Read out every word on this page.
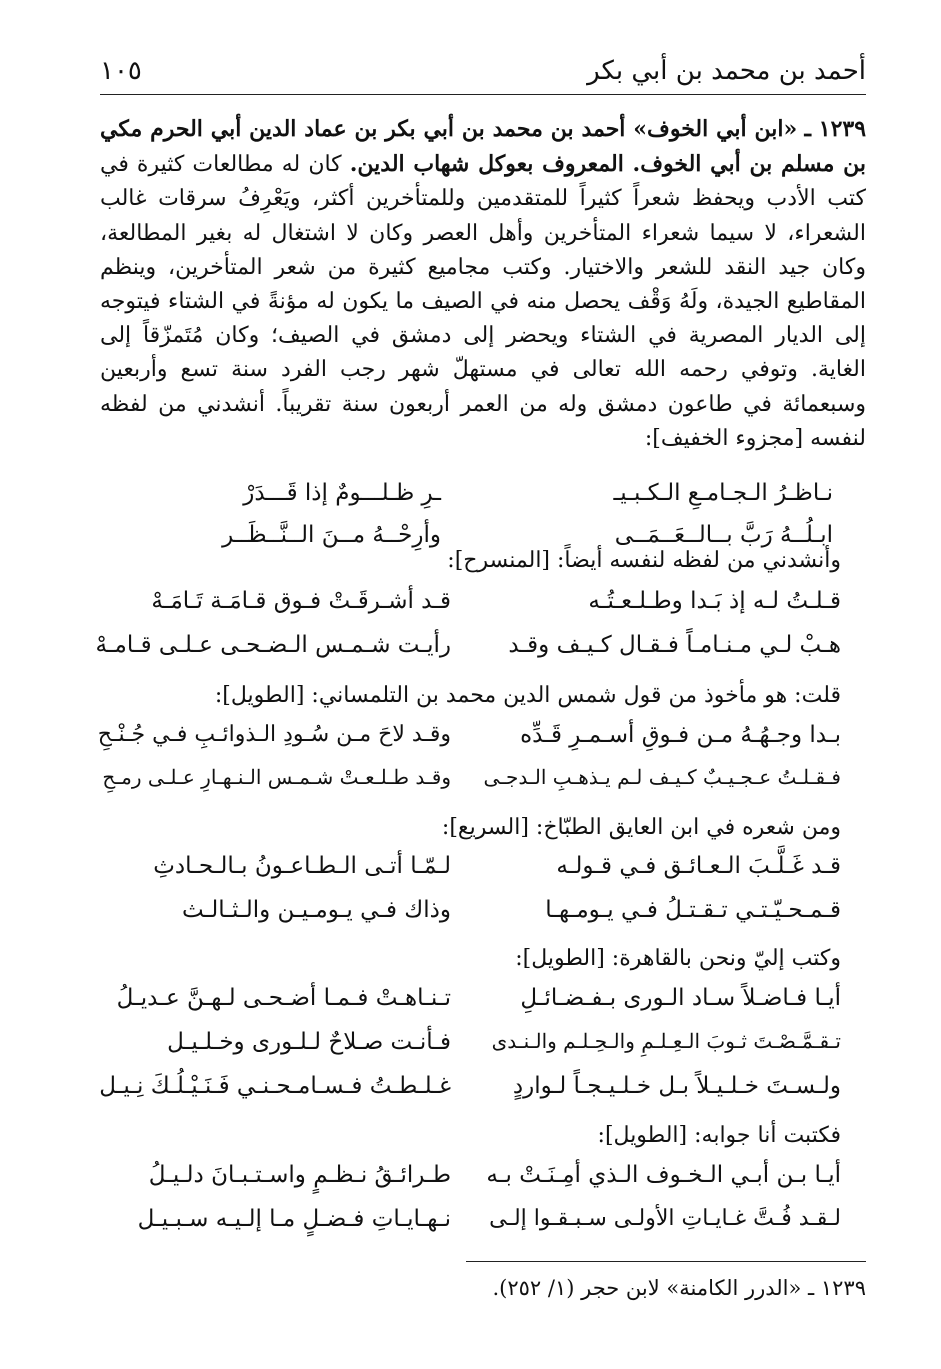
أحمد بن محمد بن أبي بكر
١٠٥
١٢٣٩ ـ «ابن أبي الخوف» أحمد بن محمد بن أبي بكر بن عماد الدين أبي الحرم مكي بن مسلم بن أبي الخوف. المعروف بعوكل شهاب الدين. كان له مطالعات كثيرة في كتب الأدب ويحفظ شعراً كثيراً للمتقدمين وللمتأخرين أكثر، ويَعْرِفُ سرقات غالب الشعراء، لا سيما شعراء المتأخرين وأهل العصر وكان لا اشتغال له بغير المطالعة، وكان جيد النقد للشعر والاختيار. وكتب مجاميع كثيرة من شعر المتأخرين، وينظم المقاطيع الجيدة، ولَهُ وَقْف يحصل منه في الصيف ما يكون له مؤنةً في الشتاء فيتوجه إلى الديار المصرية في الشتاء ويحضر إلى دمشق في الصيف؛ وكان مُتَمزّقاً إلى الغاية. وتوفي رحمه الله تعالى في مستهلّ شهر رجب الفرد سنة تسع وأربعين وسبعمائة في طاعون دمشق وله من العمر أربعون سنة تقريباً. أنشدني من لفظه لنفسه [مجزوء الخفيف]:
نـاظـرُ الـجـامـعِ الـكـبـيـ
ـرِ ظـلـــومٌ إذا قَـــدَرْ
ابـلُــهُ رَبَّ بــالــعَــمَــى
وأرِحْــهُ مــنَ الــنَّــظَــر
وأنشدني من لفظه لنفسه أيضاً: [المنسرح]:
قـلـتُ لـه إذ بَـدا وطـلـعـتُـه
قـد أشـرقَـتْ فـوق قـامَـة تَـامَـهْ
هـبْ لـي مـنـامـاً فـقـال كـيـف وقـد
رأيـت شـمـس الـضـحـى عـلـى قـامـهْ
قلت: هو مأخوذ من قول شمس الدين محمد بن التلمساني: [الطويل]:
بـدا وجـهُـهُ مـن فـوقِ أسـمـرِ قَـدِّه
وقـد لاحَ مـن سُـودِ الـذوائـبِ فـي جُـنْـحِ
فـقـلـتُ عـجـيـبٌ كـيـف لـم يـذهـبِ الـدجـى
وقـد طـلـعـتْ شـمـس الـنـهـارِ عـلـى رمـحِ
ومن شعره في ابن العايق الطبّاخ: [السريع]:
قـد غَـلَّـبَ الـعـائـق فـي قـولـه
لـمّـا أتـى الـطـاعـونُ بـالـحـادثِ
قـمـحـيّـتـي تـقـتـلُ فـي يـومـهـا
وذاك فـي يـومـيـن والـثـالـث
وكتب إليّ ونحن بالقاهرة: [الطويل]:
أيـا فـاضـلاً سـاد الـورى بـفـضـائـلِ
تـنـاهـتْ فـمـا أضـحـى لـهـنَّ عـديـلُ
تـقـمَّـصْـتَ ثـوبَ الـعِـلـمِ والـحِـلـم والـنـدى
فـأنـت صـلاحٌ لـلـورى وخـلـيـل
ولـسـتَ خـلـيـلاً بـل خـلـيـجـاً لـواردٍ
غـلـطـتُ فـسـامـحـنـي فَـنَـيْـلُـكَ نِـيـل
فكتبت أنا جوابه: [الطويل]:
أيـا بـن أبـي الـخـوف الـذي أمِـنَـتْ بـه
طـرائـقُ نـظـمٍ واسـتـبـانَ دلـيـلُ
لـقـد فُـتَّ غـايـاتِ الأولـى سـبـقـوا إلـى
نـهـايـاتِ فـضـلٍ مـا إلـيـه سـبـيـل
١٢٣٩ ـ «الدرر الكامنة» لابن حجر (١/ ٢٥٢).
